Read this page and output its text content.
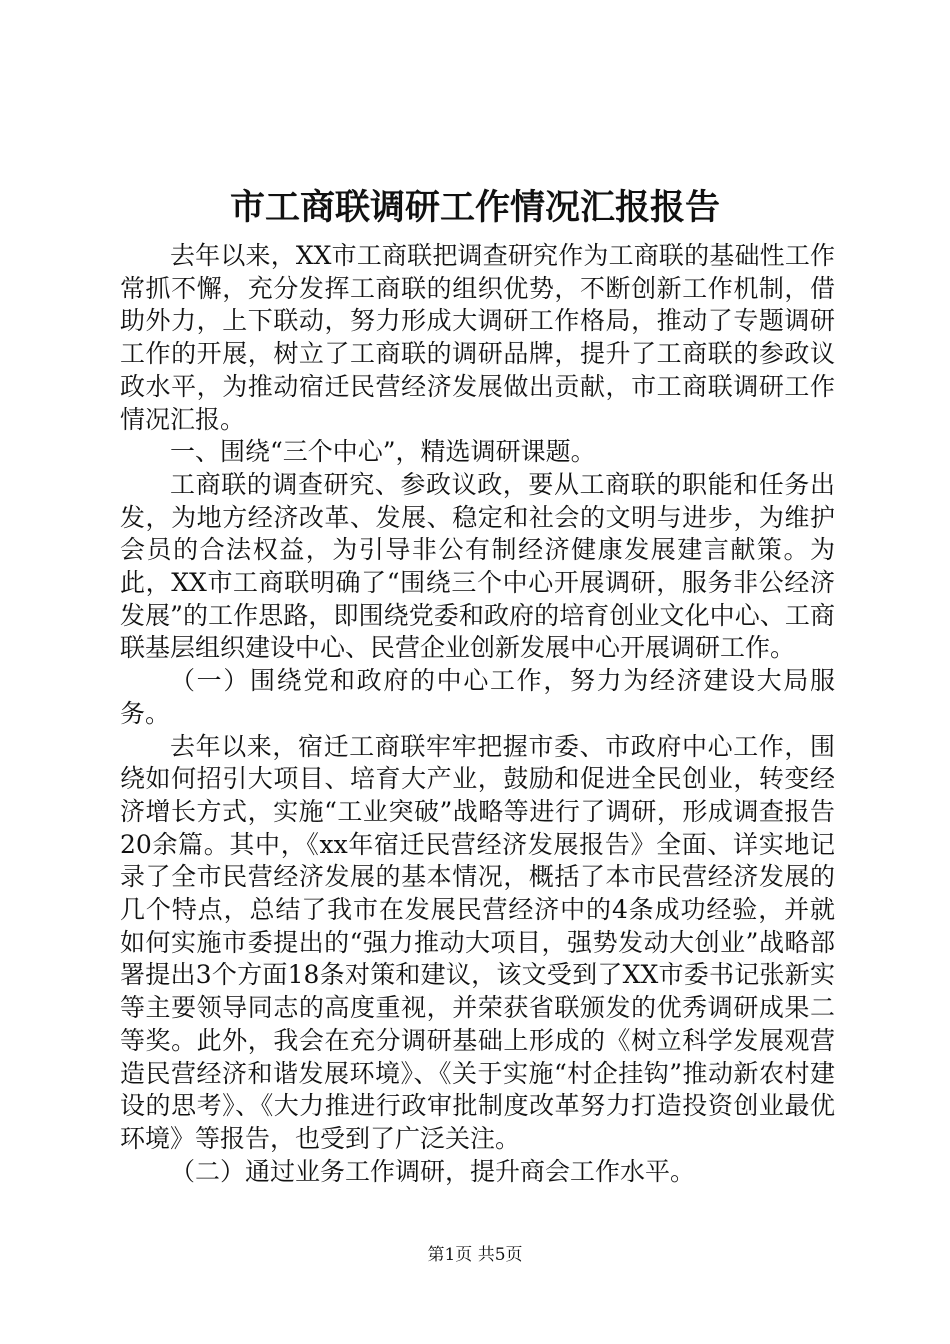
市工商联调研工作情况汇报报告

去年以来，XX市工商联把调查研究作为工商联的基础性工作常抓不懈，充分发挥工商联的组织优势，不断创新工作机制，借助外力，上下联动，努力形成大调研工作格局，推动了专题调研工作的开展，树立了工商联的调研品牌，提升了工商联的参政议政水平，为推动宿迁民营经济发展做出贡献，市工商联调研工作情况汇报。

一、围绕“三个中心”，精选调研课题。

工商联的调查研究、参政议政，要从工商联的职能和任务出发，为地方经济改革、发展、稳定和社会的文明与进步，为维护会员的合法权益，为引导非公有制经济健康发展建言献策。为此，XX市工商联明确了“围绕三个中心开展调研，服务非公经济发展”的工作思路，即围绕党委和政府的培育创业文化中心、工商联基层组织建设中心、民营企业创新发展中心开展调研工作。

（一）围绕党和政府的中心工作，努力为经济建设大局服务。

去年以来，宿迁工商联牢牢把握市委、市政府中心工作，围绕如何招引大项目、培育大产业，鼓励和促进全民创业，转变经济增长方式，实施“工业突破”战略等进行了调研，形成调查报告20余篇。其中，《xx年宿迁民营经济发展报告》全面、详实地记录了全市民营经济发展的基本情况，概括了本市民营经济发展的几个特点，总结了我市在发展民营经济中的4条成功经验，并就如何实施市委提出的“强力推动大项目，强势发动大创业”战略部署提出3个方面18条对策和建议，该文受到了XX市委书记张新实等主要领导同志的高度重视，并荣获省联颁发的优秀调研成果二等奖。此外，我会在充分调研基础上形成的《树立科学发展观营造民营经济和谐发展环境》、《关于实施“村企挂钩”推动新农村建设的思考》、《大力推进行政审批制度改革努力打造投资创业最优环境》等报告，也受到了广泛关注。

（二）通过业务工作调研，提升商会工作水平。

第1页 共5页
